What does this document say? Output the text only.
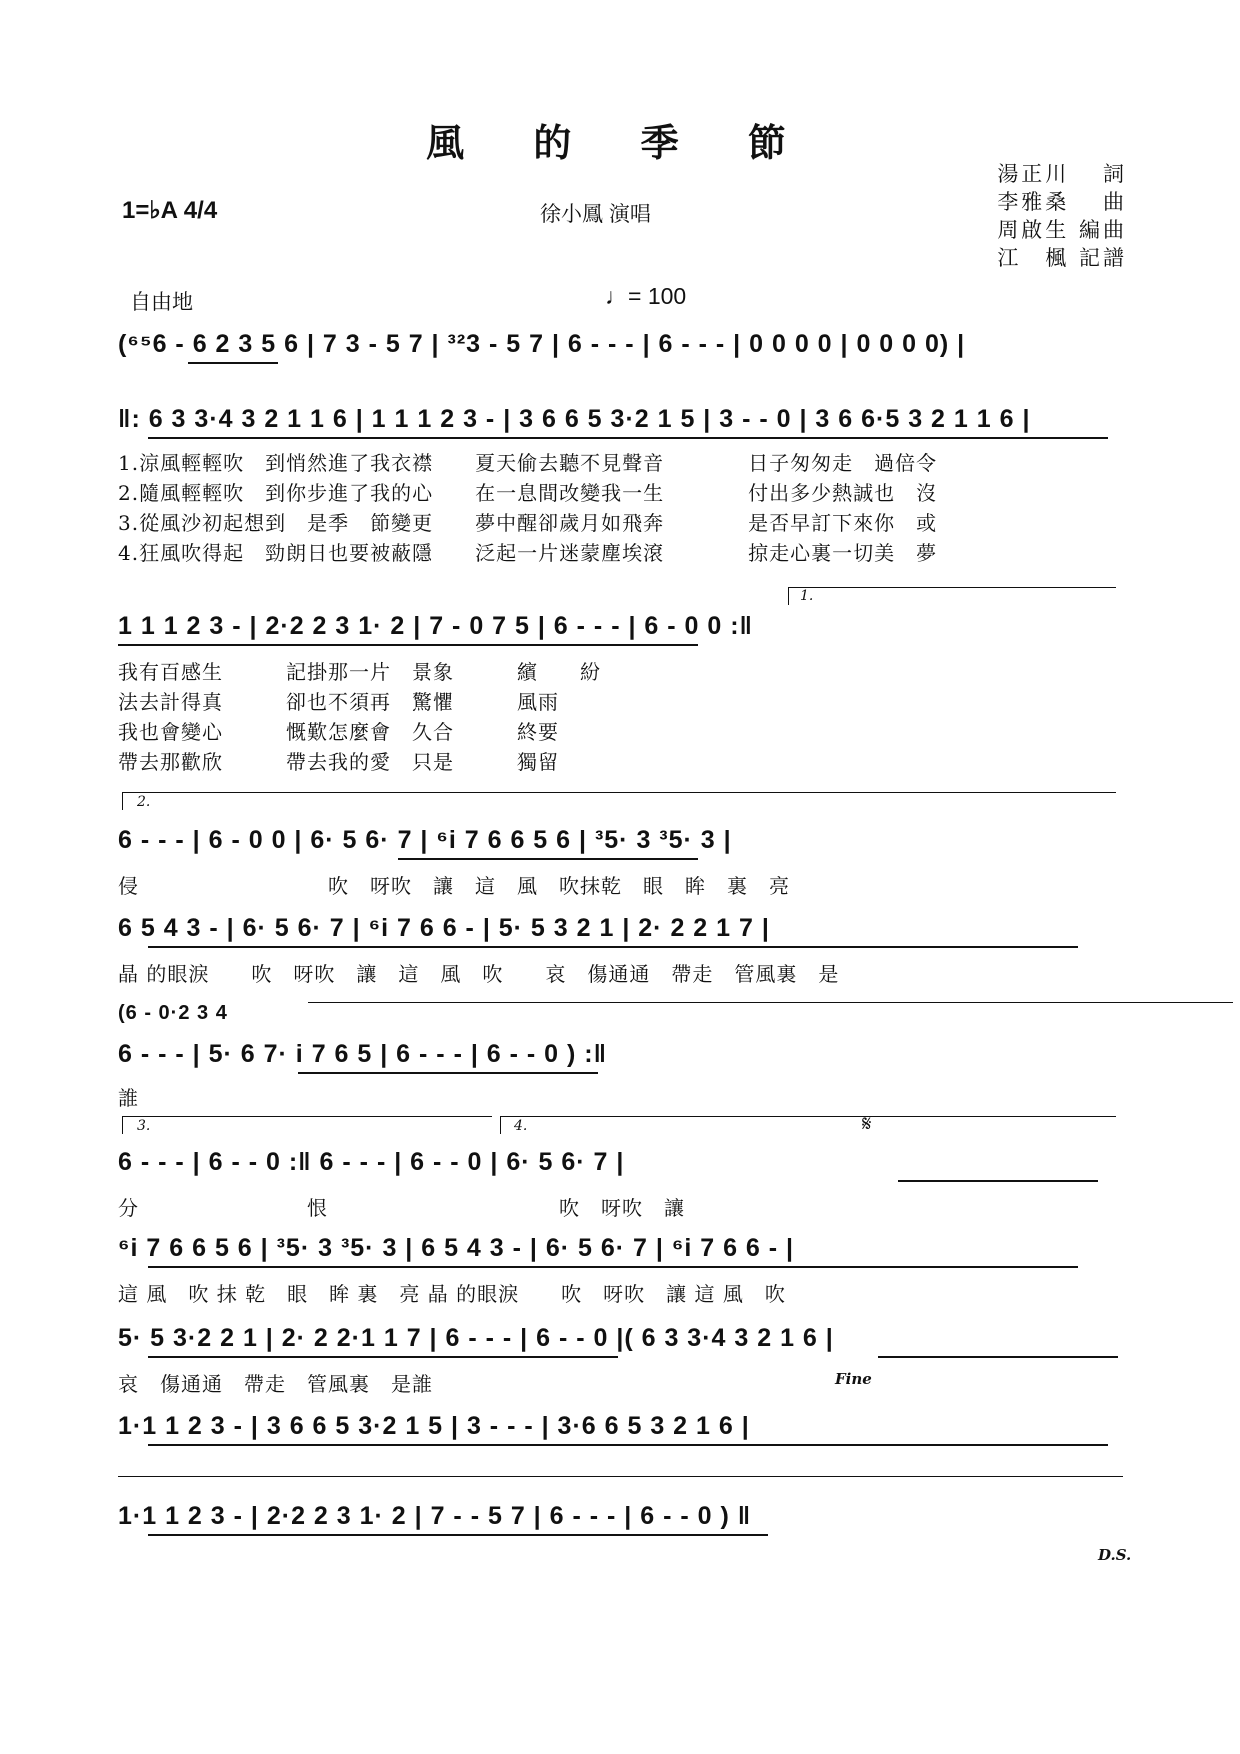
風 的 季 節
1=♭A 4/4	徐小鳳 演唱
湯正川 　詞
李雅桑 　曲
周啟生 編曲
江　楓 記譜
自由地	♩= 100
(⁶⁵6 - 6 2 3 5 6 | 7 3 - 5 7 | ³²3 - 5 7 | 6 - - - | 6 - - - | 0 0 0 0 | 0 0 0 0) |
‖: 6 3 3·4 3 2 1 1 6 | 1 1 1 2 3 - | 3 6 6 5 3·2 1 5 | 3 - - 0 | 3 6 6·5 3 2 1 1 6 |
1.涼風輕輕吹　到悄然進了我衣襟　　夏天偷去聽不見聲音　　　　日子匆匆走　過倍令
2.隨風輕輕吹　到你步進了我的心　　在一息間改變我一生　　　　付出多少熱誠也　沒
3.從風沙初起想到　是季　節變更　　夢中醒卻歲月如飛奔　　　　是否早訂下來你　或
4.狂風吹得起　勁朗日也要被蔽隱　　泛起一片迷蒙塵埃滾　　　　掠走心裏一切美　夢
1.
1 1 1 2 3 - | 2·2 2 3 1· 2 | 7 - 0 7 5 | 6 - - - | 6 - 0 0 :‖
我有百感生　　　記掛那一片　景象　　　繽　　紛
法去計得真　　　卻也不須再　驚懼　　　風雨
我也會變心　　　慨歎怎麼會　久合　　　終要
帶去那歡欣　　　帶去我的愛　只是　　　獨留
2.
6 - - - | 6 - 0 0 | 6· 5 6· 7 | ⁶i 7 6 6 5 6 | ³5· 3 ³5· 3 |
侵　　　　　　　　　吹　呀吹　讓　這　風　吹抹乾　眼　眸　裏　亮
6 5 4 3 - | 6· 5 6· 7 | ⁶i 7 6 6 - | 5· 5 3 2 1 | 2· 2 2 1 7 |
晶 的眼淚　　吹　呀吹　讓　這　風　吹　　哀　傷通通　帶走　管風裏　是
(6 - 0·2 3 4
6 - - - | 5· 6 7· i 7 6 5 | 6 - - - | 6 - - 0 ) :‖
誰
3.	4.	𝄋
6 - - - | 6 - - 0 :‖ 6 - - - | 6 - - 0 | 6· 5 6· 7 |
分　　　　　　　　恨　　　　　　　　　　　吹　呀吹　讓
⁶i 7 6 6 5 6 | ³5· 3 ³5· 3 | 6 5 4 3 - | 6· 5 6· 7 | ⁶i 7 6 6 - |
這 風　吹 抹 乾　眼　眸 裏　亮 晶 的眼淚　　吹　呀吹　讓 這 風　吹
5· 5 3·2 2 1 | 2· 2 2·1 1 7 | 6 - - - | 6 - - 0 |( 6 3 3·4 3 2 1 6 |
哀　傷通通　帶走　管風裏　是誰	Fine
1·1 1 2 3 - | 3 6 6 5 3·2 1 5 | 3 - - - | 3·6 6 5 3 2 1 6 |
1·1 1 2 3 - | 2·2 2 3 1· 2 | 7 - - 5 7 | 6 - - - | 6 - - 0 ) ‖
D.S.
